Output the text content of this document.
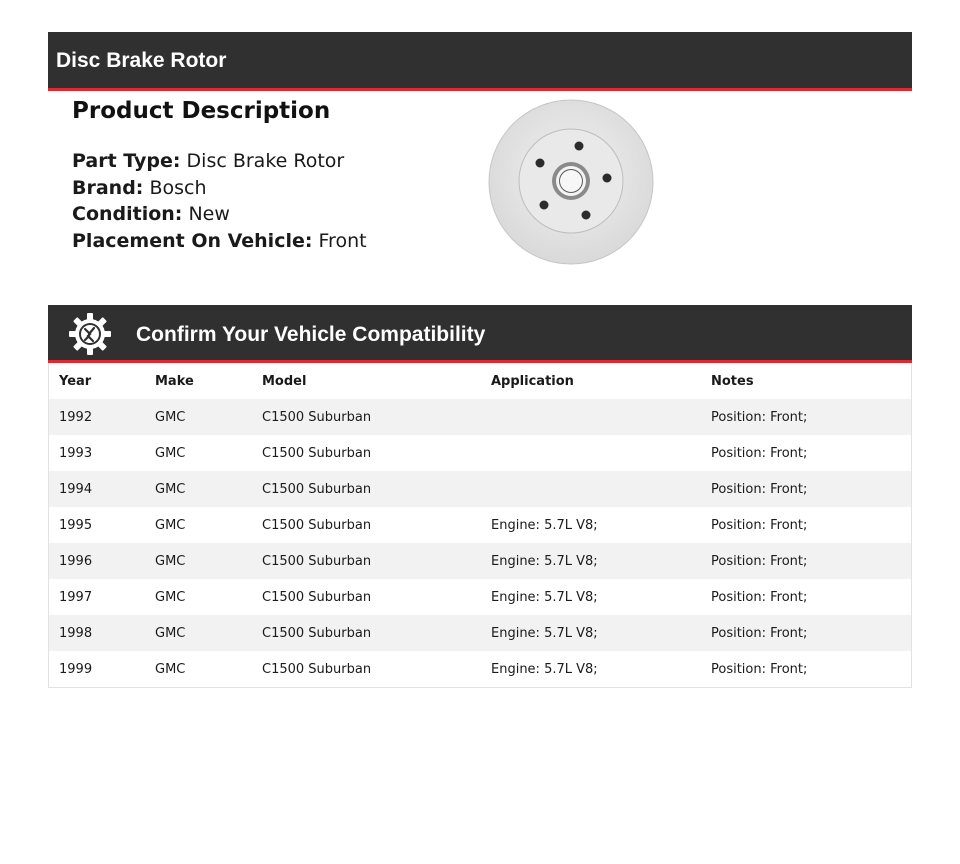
Disc Brake Rotor
Product Description
Part Type: Disc Brake Rotor
Brand: Bosch
Condition: New
Placement On Vehicle: Front
Confirm Your Vehicle Compatibility
Year	Make	Model	Application	Notes
1992	GMC	C1500 Suburban		Position: Front;
1993	GMC	C1500 Suburban		Position: Front;
1994	GMC	C1500 Suburban		Position: Front;
1995	GMC	C1500 Suburban	Engine: 5.7L V8;	Position: Front;
1996	GMC	C1500 Suburban	Engine: 5.7L V8;	Position: Front;
1997	GMC	C1500 Suburban	Engine: 5.7L V8;	Position: Front;
1998	GMC	C1500 Suburban	Engine: 5.7L V8;	Position: Front;
1999	GMC	C1500 Suburban	Engine: 5.7L V8;	Position: Front;
